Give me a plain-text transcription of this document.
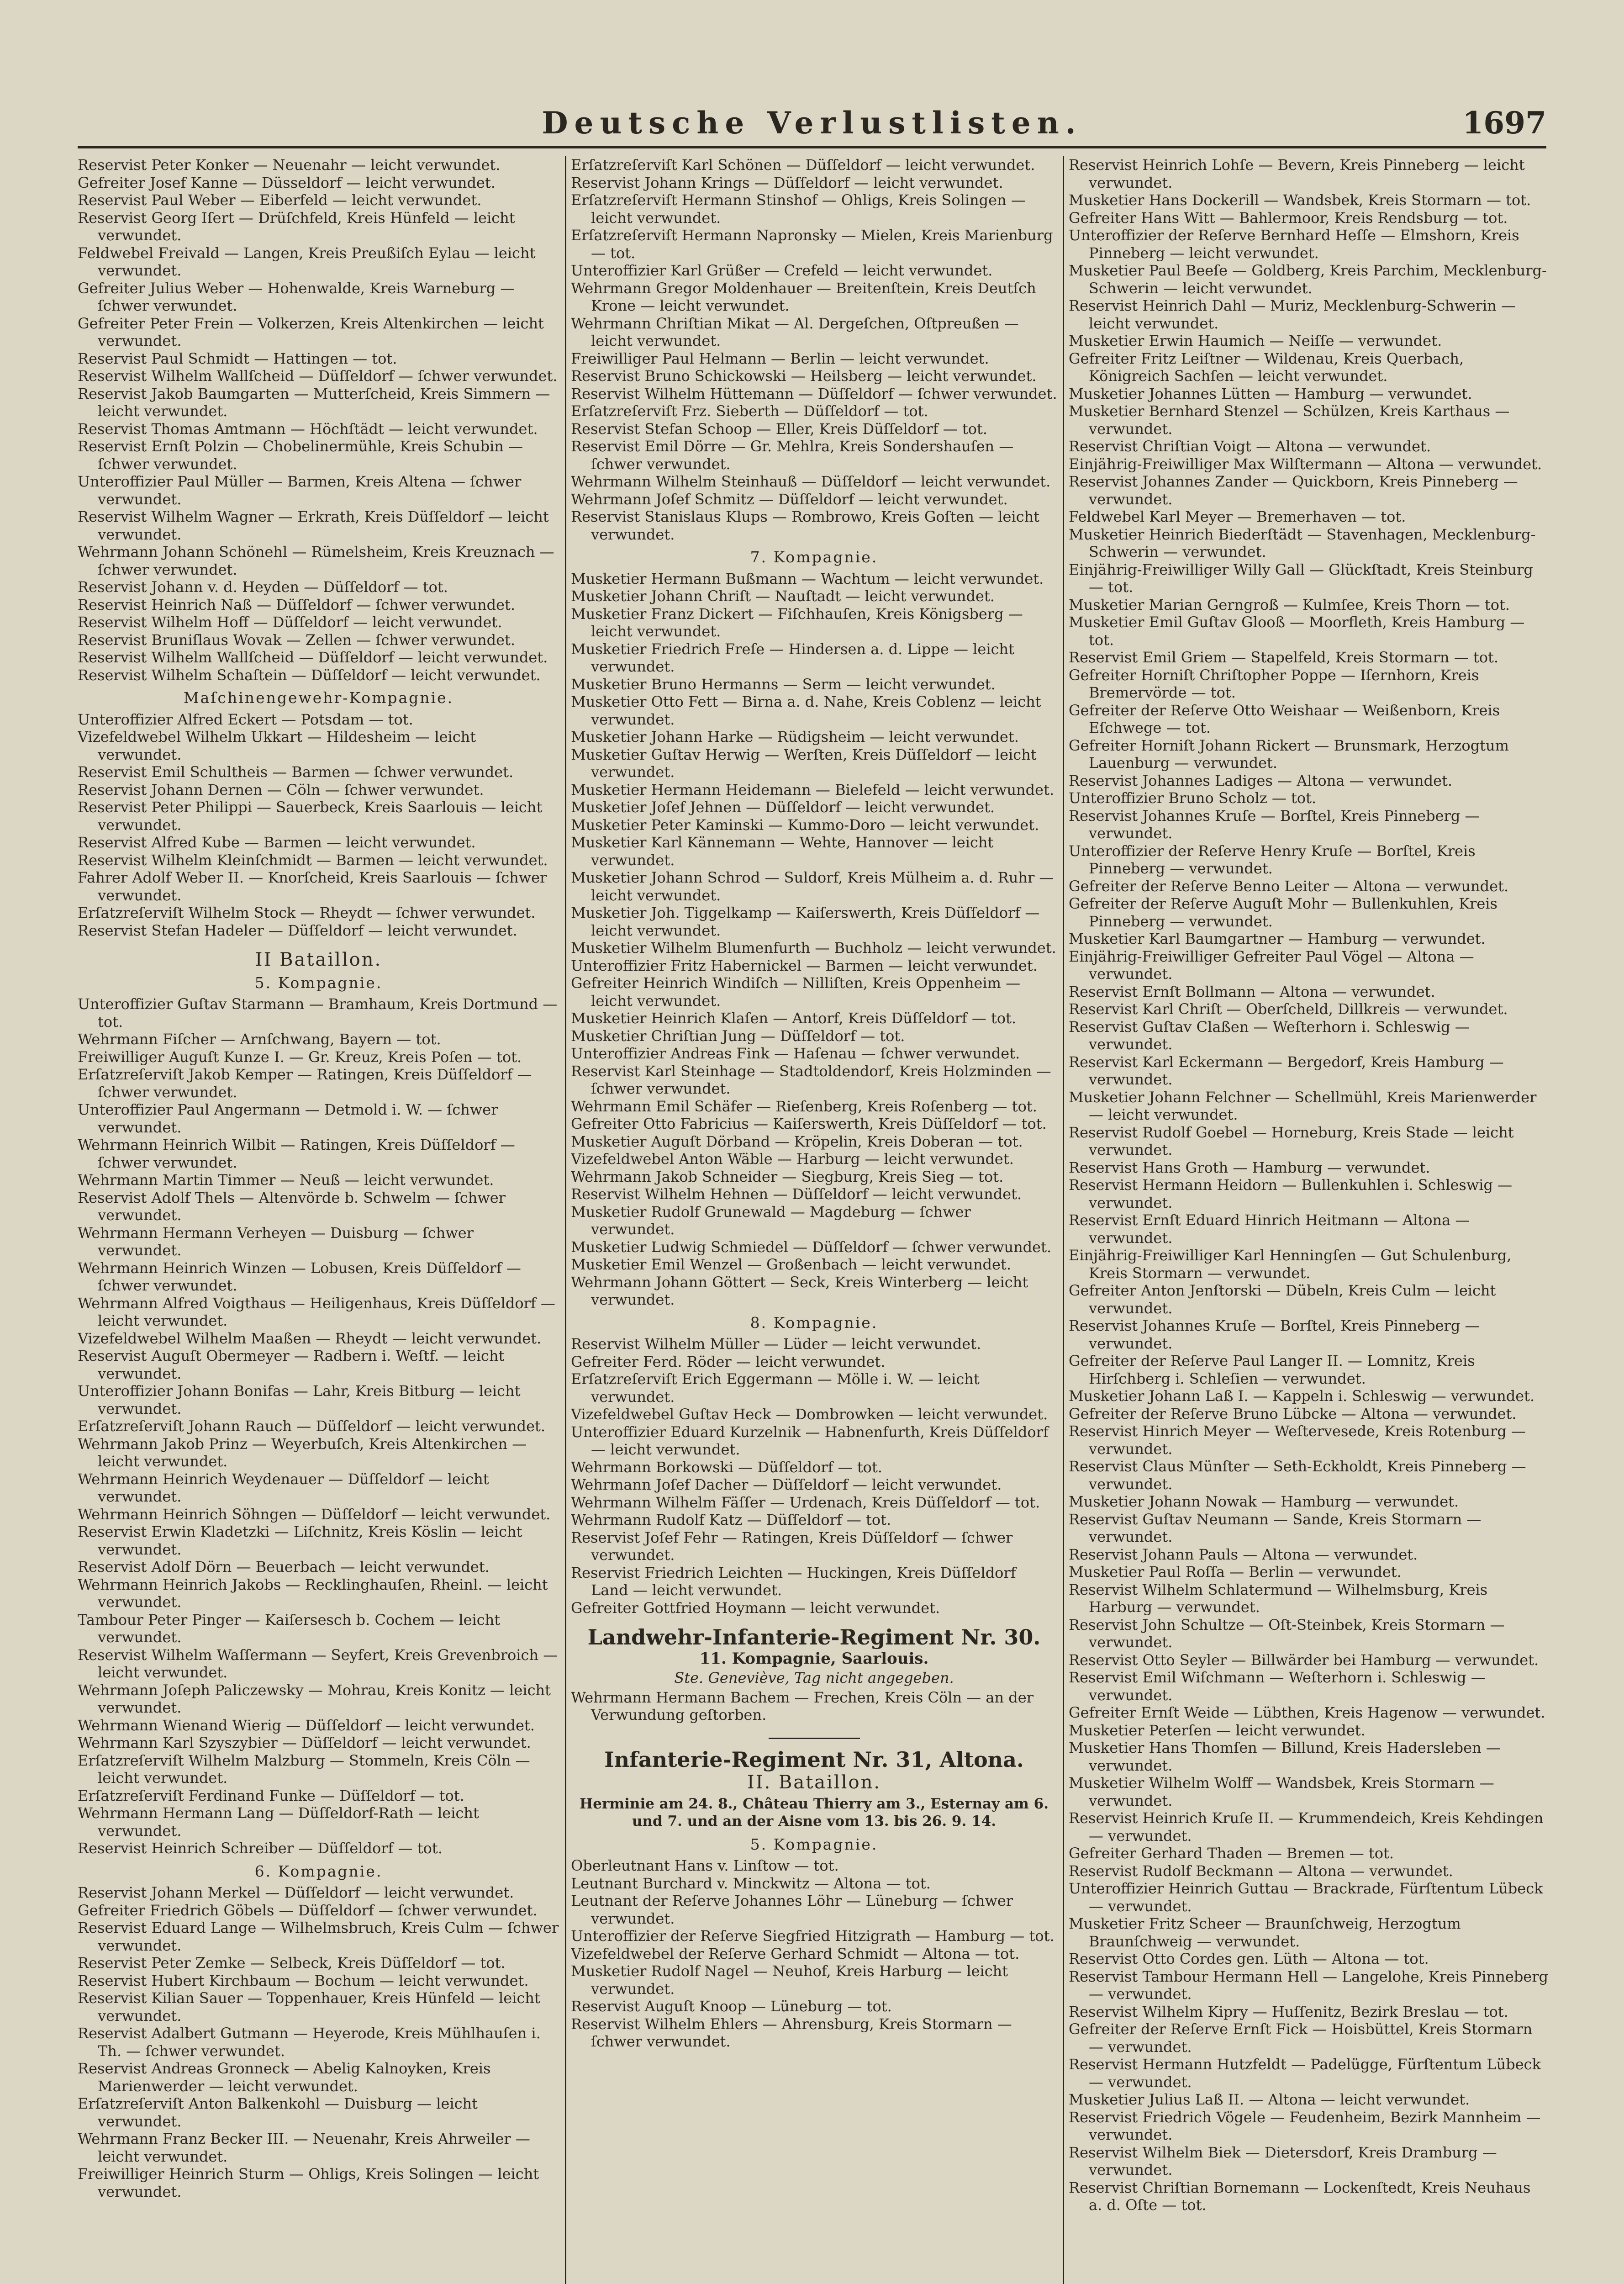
Deutsche Verlustlisten.	1697

Reservist Peter Konker — Neuenahr — leicht verwundet.

Gefreiter Josef Kanne — Düsseldorf — leicht verwundet.

Reservist Paul Weber — Eiberfeld — leicht verwundet.

Reservist Georg Iſert — Drüſchfeld, Kreis Hünfeld — leicht verwundet.

Feldwebel Freivald — Langen, Kreis Preußiſch Eylau — leicht verwundet.

Gefreiter Julius Weber — Hohenwalde, Kreis Warneburg — ſchwer verwundet.

Gefreiter Peter Frein — Volkerzen, Kreis Altenkirchen — leicht verwundet.

Reservist Paul Schmidt — Hattingen — tot.

Reservist Wilhelm Wallſcheid — Düſſeldorf — ſchwer verwundet.

Reservist Jakob Baumgarten — Mutterſcheid, Kreis Simmern — leicht verwundet.

Reservist Thomas Amtmann — Höchſtädt — leicht verwundet.

Reservist Ernſt Polzin — Chobelinermühle, Kreis Schubin — ſchwer verwundet.

Unteroffizier Paul Müller — Barmen, Kreis Altena — ſchwer verwundet.

Reservist Wilhelm Wagner — Erkrath, Kreis Düſſeldorf — leicht verwundet.

Wehrmann Johann Schönehl — Rümelsheim, Kreis Kreuznach — ſchwer verwundet.

Reservist Johann v. d. Heyden — Düſſeldorf — tot.

Reservist Heinrich Naß — Düſſeldorf — ſchwer verwundet.

Reservist Wilhelm Hoff — Düſſeldorf — leicht verwundet.

Reservist Bruniſlaus Wovak — Zellen — ſchwer verwundet.

Reservist Wilhelm Wallſcheid — Düſſeldorf — leicht verwundet.

Reservist Wilhelm Schaſtein — Düſſeldorf — leicht verwundet.

Maſchinengewehr-Kompagnie.

Unteroffizier Alfred Eckert — Potsdam — tot.

Vizefeldwebel Wilhelm Ukkart — Hildesheim — leicht verwundet.

Reservist Emil Schultheis — Barmen — ſchwer verwundet.

Reservist Johann Dernen — Cöln — ſchwer verwundet.

Reservist Peter Philippi — Sauerbeck, Kreis Saarlouis — leicht verwundet.

Reservist Alfred Kube — Barmen — leicht verwundet.

Reservist Wilhelm Kleinſchmidt — Barmen — leicht verwundet.

Fahrer Adolf Weber II. — Knorſcheid, Kreis Saarlouis — ſchwer verwundet.

Erſatzreſerviſt Wilhelm Stock — Rheydt — ſchwer verwundet.

Reservist Stefan Hadeler — Düſſeldorf — leicht verwundet.

II Bataillon.
5. Kompagnie.

Unteroffizier Guſtav Starmann — Bramhaum, Kreis Dortmund — tot.

Wehrmann Fiſcher — Arnſchwang, Bayern — tot.

Freiwilliger Auguſt Kunze I. — Gr. Kreuz, Kreis Poſen — tot.

Erſatzreſerviſt Jakob Kemper — Ratingen, Kreis Düſſeldorf — ſchwer verwundet.

Unteroffizier Paul Angermann — Detmold i. W. — ſchwer verwundet.

Wehrmann Heinrich Wilbit — Ratingen, Kreis Düſſeldorf — ſchwer verwundet.

Wehrmann Martin Timmer — Neuß — leicht verwundet.

Reservist Adolf Thels — Altenvörde b. Schwelm — ſchwer verwundet.

Wehrmann Hermann Verheyen — Duisburg — ſchwer verwundet.

Wehrmann Heinrich Winzen — Lobusen, Kreis Düſſeldorf — ſchwer verwundet.

Wehrmann Alfred Voigthaus — Heiligenhaus, Kreis Düſſeldorf — leicht verwundet.

Vizefeldwebel Wilhelm Maaßen — Rheydt — leicht verwundet.

Reservist Auguſt Obermeyer — Radbern i. Weſtf. — leicht verwundet.

Unteroffizier Johann Bonifas — Lahr, Kreis Bitburg — leicht verwundet.

Erſatzreſerviſt Johann Rauch — Düſſeldorf — leicht verwundet.

Wehrmann Jakob Prinz — Weyerbuſch, Kreis Altenkirchen — leicht verwundet.

Wehrmann Heinrich Weydenauer — Düſſeldorf — leicht verwundet.

Wehrmann Heinrich Söhngen — Düſſeldorf — leicht verwundet.

Reservist Erwin Kladetzki — Liſchnitz, Kreis Köslin — leicht verwundet.

Reservist Adolf Dörn — Beuerbach — leicht verwundet.

Wehrmann Heinrich Jakobs — Recklinghauſen, Rheinl. — leicht verwundet.

Tambour Peter Pinger — Kaiſersesch b. Cochem — leicht verwundet.

Reservist Wilhelm Waſſermann — Seyfert, Kreis Grevenbroich — leicht verwundet.

Wehrmann Joſeph Paliczewsky — Mohrau, Kreis Konitz — leicht verwundet.

Wehrmann Wienand Wierig — Düſſeldorf — leicht verwundet.

Wehrmann Karl Szyszybier — Düſſeldorf — leicht verwundet.

Erſatzreſerviſt Wilhelm Malzburg — Stommeln, Kreis Cöln — leicht verwundet.

Erſatzreſerviſt Ferdinand Funke — Düſſeldorf — tot.

Wehrmann Hermann Lang — Düſſeldorf-Rath — leicht verwundet.

Reservist Heinrich Schreiber — Düſſeldorf — tot.

6. Kompagnie.

Reservist Johann Merkel — Düſſeldorf — leicht verwundet.

Gefreiter Friedrich Göbels — Düſſeldorf — ſchwer verwundet.

Reservist Eduard Lange — Wilhelmsbruch, Kreis Culm — ſchwer verwundet.

Reservist Peter Zemke — Selbeck, Kreis Düſſeldorf — tot.

Reservist Hubert Kirchbaum — Bochum — leicht verwundet.

Reservist Kilian Sauer — Toppenhauer, Kreis Hünfeld — leicht verwundet.

Reservist Adalbert Gutmann — Heyerode, Kreis Mühlhauſen i. Th. — ſchwer verwundet.

Reservist Andreas Gronneck — Abelig Kalnoyken, Kreis Marienwerder — leicht verwundet.

Erſatzreſerviſt Anton Balkenkohl — Duisburg — leicht verwundet.

Wehrmann Franz Becker III. — Neuenahr, Kreis Ahrweiler — leicht verwundet.

Freiwilliger Heinrich Sturm — Ohligs, Kreis Solingen — leicht verwundet.

Erſatzreſerviſt Karl Schönen — Düſſeldorf — leicht verwundet.

Reservist Johann Krings — Düſſeldorf — leicht verwundet.

Erſatzreſerviſt Hermann Stinshof — Ohligs, Kreis Solingen — leicht verwundet.

Erſatzreſerviſt Hermann Napronsky — Mielen, Kreis Marienburg — tot.

Unteroffizier Karl Grüßer — Crefeld — leicht verwundet.

Wehrmann Gregor Moldenhauer — Breitenſtein, Kreis Deutſch Krone — leicht verwundet.

Wehrmann Chriſtian Mikat — Al. Dergeſchen, Oſtpreußen — leicht verwundet.

Freiwilliger Paul Helmann — Berlin — leicht verwundet.

Reservist Bruno Schickowski — Heilsberg — leicht verwundet.

Reservist Wilhelm Hüttemann — Düſſeldorf — ſchwer verwundet.

Erſatzreſerviſt Frz. Sieberth — Düſſeldorf — tot.

Reservist Stefan Schoop — Eller, Kreis Düſſeldorf — tot.

Reservist Emil Dörre — Gr. Mehlra, Kreis Sondershauſen — ſchwer verwundet.

Wehrmann Wilhelm Steinhauß — Düſſeldorf — leicht verwundet.

Wehrmann Joſef Schmitz — Düſſeldorf — leicht verwundet.

Reservist Stanislaus Klups — Rombrowo, Kreis Goſten — leicht verwundet.

7. Kompagnie.

Musketier Hermann Bußmann — Wachtum — leicht verwundet.

Musketier Johann Chriſt — Nauſtadt — leicht verwundet.

Musketier Franz Dickert — Fiſchhauſen, Kreis Königsberg — leicht verwundet.

Musketier Friedrich Freſe — Hindersen a. d. Lippe — leicht verwundet.

Musketier Bruno Hermanns — Serm — leicht verwundet.

Musketier Otto Fett — Birna a. d. Nahe, Kreis Coblenz — leicht verwundet.

Musketier Johann Harke — Rüdigsheim — leicht verwundet.

Musketier Guſtav Herwig — Werſten, Kreis Düſſeldorf — leicht verwundet.

Musketier Hermann Heidemann — Bielefeld — leicht verwundet.

Musketier Joſef Jehnen — Düſſeldorf — leicht verwundet.

Musketier Peter Kaminski — Kummo-Doro — leicht verwundet.

Musketier Karl Kännemann — Wehte, Hannover — leicht verwundet.

Musketier Johann Schrod — Suldorf, Kreis Mülheim a. d. Ruhr — leicht verwundet.

Musketier Joh. Tiggelkamp — Kaiſerswerth, Kreis Düſſeldorf — leicht verwundet.

Musketier Wilhelm Blumenfurth — Buchholz — leicht verwundet.

Unteroffizier Fritz Habernickel — Barmen — leicht verwundet.

Gefreiter Heinrich Windiſch — Nilliſten, Kreis Oppenheim — leicht verwundet.

Musketier Heinrich Klaſen — Antorf, Kreis Düſſeldorf — tot.

Musketier Chriſtian Jung — Düſſeldorf — tot.

Unteroffizier Andreas Fink — Haſenau — ſchwer verwundet.

Reservist Karl Steinhage — Stadtoldendorf, Kreis Holzminden — ſchwer verwundet.

Wehrmann Emil Schäfer — Rieſenberg, Kreis Roſenberg — tot.

Gefreiter Otto Fabricius — Kaiſerswerth, Kreis Düſſeldorf — tot.

Musketier Auguſt Dörband — Kröpelin, Kreis Doberan — tot.

Vizefeldwebel Anton Wäble — Harburg — leicht verwundet.

Wehrmann Jakob Schneider — Siegburg, Kreis Sieg — tot.

Reservist Wilhelm Hehnen — Düſſeldorf — leicht verwundet.

Musketier Rudolf Grunewald — Magdeburg — ſchwer verwundet.

Musketier Ludwig Schmiedel — Düſſeldorf — ſchwer verwundet.

Musketier Emil Wenzel — Großenbach — leicht verwundet.

Wehrmann Johann Göttert — Seck, Kreis Winterberg — leicht verwundet.

8. Kompagnie.

Reservist Wilhelm Müller — Lüder — leicht verwundet.

Gefreiter Ferd. Röder — leicht verwundet.

Erſatzreſerviſt Erich Eggermann — Mölle i. W. — leicht verwundet.

Vizefeldwebel Guſtav Heck — Dombrowken — leicht verwundet.

Unteroffizier Eduard Kurzelnik — Habnenfurth, Kreis Düſſeldorf — leicht verwundet.

Wehrmann Borkowski — Düſſeldorf — tot.

Wehrmann Joſef Dacher — Düſſeldorf — leicht verwundet.

Wehrmann Wilhelm Fäſſer — Urdenach, Kreis Düſſeldorf — tot.

Wehrmann Rudolf Katz — Düſſeldorf — tot.

Reservist Joſef Fehr — Ratingen, Kreis Düſſeldorf — ſchwer verwundet.

Reservist Friedrich Leichten — Huckingen, Kreis Düſſeldorf Land — leicht verwundet.

Gefreiter Gottfried Hoymann — leicht verwundet.

Landwehr-Infanterie-Regiment Nr. 30.
11. Kompagnie, Saarlouis.
Ste. Geneviève, Tag nicht angegeben.

Wehrmann Hermann Bachem — Frechen, Kreis Cöln — an der Verwundung geſtorben.

Infanterie-Regiment Nr. 31, Altona.
II. Bataillon.
Herminie am 24. 8., Château Thierry am 3., Esternay am 6. und 7. und an der Aisne vom 13. bis 26. 9. 14.
5. Kompagnie.

Oberleutnant Hans v. Linſtow — tot.

Leutnant Burchard v. Minckwitz — Altona — tot.

Leutnant der Reſerve Johannes Löhr — Lüneburg — ſchwer verwundet.

Unteroffizier der Reſerve Siegfried Hitzigrath — Hamburg — tot.

Vizefeldwebel der Reſerve Gerhard Schmidt — Altona — tot.

Musketier Rudolf Nagel — Neuhof, Kreis Harburg — leicht verwundet.

Reservist Auguſt Knoop — Lüneburg — tot.

Reservist Wilhelm Ehlers — Ahrensburg, Kreis Stormarn — ſchwer verwundet.

Reservist Heinrich Lohſe — Bevern, Kreis Pinneberg — leicht verwundet.

Musketier Hans Dockerill — Wandsbek, Kreis Stormarn — tot.

Gefreiter Hans Witt — Bahlermoor, Kreis Rendsburg — tot.

Unteroffizier der Reſerve Bernhard Heſſe — Elmshorn, Kreis Pinneberg — leicht verwundet.

Musketier Paul Beeſe — Goldberg, Kreis Parchim, Mecklenburg-Schwerin — leicht verwundet.

Reservist Heinrich Dahl — Muriz, Mecklenburg-Schwerin — leicht verwundet.

Musketier Erwin Haumich — Neiſſe — verwundet.

Gefreiter Fritz Leiſtner — Wildenau, Kreis Querbach, Königreich Sachſen — leicht verwundet.

Musketier Johannes Lütten — Hamburg — verwundet.

Musketier Bernhard Stenzel — Schülzen, Kreis Karthaus — verwundet.

Reservist Chriſtian Voigt — Altona — verwundet.

Einjährig-Freiwilliger Max Wilſtermann — Altona — verwundet.

Reservist Johannes Zander — Quickborn, Kreis Pinneberg — verwundet.

Feldwebel Karl Meyer — Bremerhaven — tot.

Musketier Heinrich Biederſtädt — Stavenhagen, Mecklenburg-Schwerin — verwundet.

Einjährig-Freiwilliger Willy Gall — Glückſtadt, Kreis Steinburg — tot.

Musketier Marian Gerngroß — Kulmſee, Kreis Thorn — tot.

Musketier Emil Guſtav Glooß — Moorfleth, Kreis Hamburg — tot.

Reservist Emil Griem — Stapelfeld, Kreis Stormarn — tot.

Gefreiter Horniſt Chriſtopher Poppe — Iſernhorn, Kreis Bremervörde — tot.

Gefreiter der Reſerve Otto Weishaar — Weißenborn, Kreis Eſchwege — tot.

Gefreiter Horniſt Johann Rickert — Brunsmark, Herzogtum Lauenburg — verwundet.

Reservist Johannes Ladiges — Altona — verwundet.

Unteroffizier Bruno Scholz — tot.

Reservist Johannes Kruſe — Borſtel, Kreis Pinneberg — verwundet.

Unteroffizier der Reſerve Henry Kruſe — Borſtel, Kreis Pinneberg — verwundet.

Gefreiter der Reſerve Benno Leiter — Altona — verwundet.

Gefreiter der Reſerve Auguſt Mohr — Bullenkuhlen, Kreis Pinneberg — verwundet.

Musketier Karl Baumgartner — Hamburg — verwundet.

Einjährig-Freiwilliger Gefreiter Paul Vögel — Altona — verwundet.

Reservist Ernſt Bollmann — Altona — verwundet.

Reservist Karl Chriſt — Oberſcheld, Dillkreis — verwundet.

Reservist Guſtav Claßen — Weſterhorn i. Schleswig — verwundet.

Reservist Karl Eckermann — Bergedorf, Kreis Hamburg — verwundet.

Musketier Johann Felchner — Schellmühl, Kreis Marienwerder — leicht verwundet.

Reservist Rudolf Goebel — Horneburg, Kreis Stade — leicht verwundet.

Reservist Hans Groth — Hamburg — verwundet.

Reservist Hermann Heidorn — Bullenkuhlen i. Schleswig — verwundet.

Reservist Ernſt Eduard Hinrich Heitmann — Altona — verwundet.

Einjährig-Freiwilliger Karl Henningſen — Gut Schulenburg, Kreis Stormarn — verwundet.

Gefreiter Anton Jenſtorski — Dübeln, Kreis Culm — leicht verwundet.

Reservist Johannes Kruſe — Borſtel, Kreis Pinneberg — verwundet.

Gefreiter der Reſerve Paul Langer II. — Lomnitz, Kreis Hirſchberg i. Schleſien — verwundet.

Musketier Johann Laß I. — Kappeln i. Schleswig — verwundet.

Gefreiter der Reſerve Bruno Lübcke — Altona — verwundet.

Reservist Hinrich Meyer — Weſtervesede, Kreis Rotenburg — verwundet.

Reservist Claus Münſter — Seth-Eckholdt, Kreis Pinneberg — verwundet.

Musketier Johann Nowak — Hamburg — verwundet.

Reservist Guſtav Neumann — Sande, Kreis Stormarn — verwundet.

Reservist Johann Pauls — Altona — verwundet.

Musketier Paul Roſſa — Berlin — verwundet.

Reservist Wilhelm Schlatermund — Wilhelmsburg, Kreis Harburg — verwundet.

Reservist John Schultze — Oſt-Steinbek, Kreis Stormarn — verwundet.

Reservist Otto Seyler — Billwärder bei Hamburg — verwundet.

Reservist Emil Wiſchmann — Weſterhorn i. Schleswig — verwundet.

Gefreiter Ernſt Weide — Lübthen, Kreis Hagenow — verwundet.

Musketier Peterſen — leicht verwundet.

Musketier Hans Thomſen — Billund, Kreis Hadersleben — verwundet.

Musketier Wilhelm Wolff — Wandsbek, Kreis Stormarn — verwundet.

Reservist Heinrich Kruſe II. — Krummendeich, Kreis Kehdingen — verwundet.

Gefreiter Gerhard Thaden — Bremen — tot.

Reservist Rudolf Beckmann — Altona — verwundet.

Unteroffizier Heinrich Guttau — Brackrade, Fürſtentum Lübeck — verwundet.

Musketier Fritz Scheer — Braunſchweig, Herzogtum Braunſchweig — verwundet.

Reservist Otto Cordes gen. Lüth — Altona — tot.

Reservist Tambour Hermann Hell — Langelohe, Kreis Pinneberg — verwundet.

Reservist Wilhelm Kipry — Huſſenitz, Bezirk Breslau — tot.

Gefreiter der Reſerve Ernſt Fick — Hoisbüttel, Kreis Stormarn — verwundet.

Reservist Hermann Hutzfeldt — Padelügge, Fürſtentum Lübeck — verwundet.

Musketier Julius Laß II. — Altona — leicht verwundet.

Reservist Friedrich Vögele — Feudenheim, Bezirk Mannheim — verwundet.

Reservist Wilhelm Biek — Dietersdorf, Kreis Dramburg — verwundet.

Reservist Chriſtian Bornemann — Lockenſtedt, Kreis Neuhaus a. d. Oſte — tot.
